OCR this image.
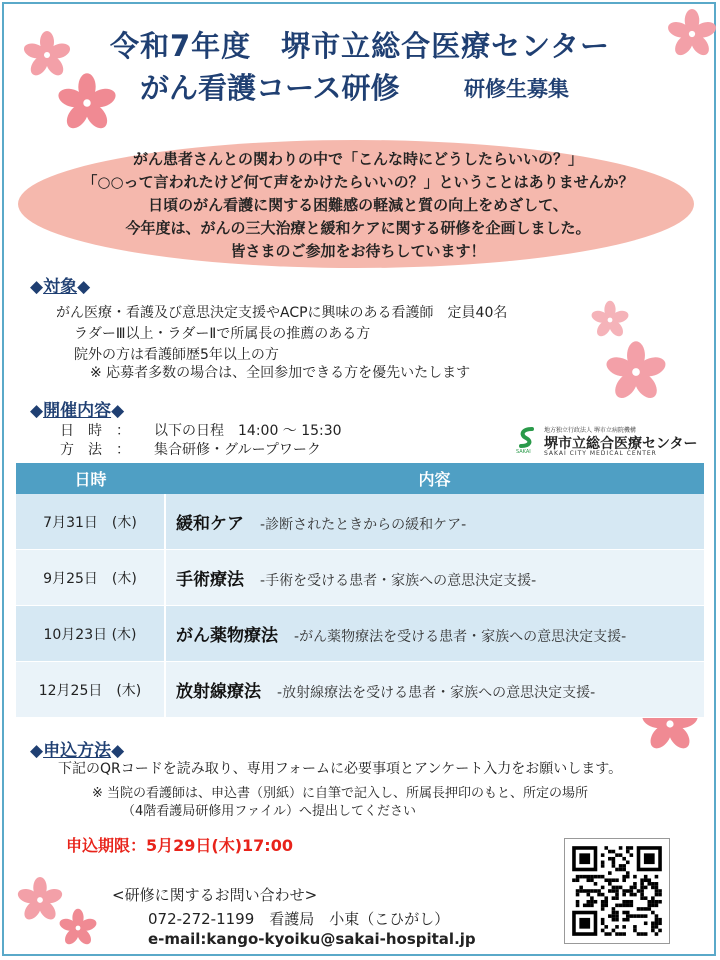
令和7年度　堺市立総合医療センター
がん看護コース研修	研修生募集
がん患者さんとの関わりの中で「こんな時にどうしたらいいの？」
「○○って言われたけど何て声をかけたらいいの？」ということはありませんか？
日頃のがん看護に関する困難感の軽減と質の向上をめざして、
今年度は、がんの三大治療と緩和ケアに関する研修を企画しました。
皆さまのご参加をお待ちしています！
◆対象◆
がん医療・看護及び意思決定支援やACPに興味のある看護師　定員40名
ラダーⅢ以上・ラダーⅡで所属長の推薦のある方
院外の方は看護師歴5年以上の方
※ 応募者多数の場合は、全回参加できる方を優先いたします
◆開催内容◆
日　時　： 以下の日程　14:00 ～ 15:30
方　法　： 集合研修・グループワーク	SAKAI
地方独立行政法人 堺市立病院機構
堺市立総合医療センター
SAKAI CITY MEDICAL CENTER
日時	内容
7月31日　(木)	緩和ケア　 -診断されたときからの緩和ケア-
9月25日　(木)	手術療法　 -手術を受ける患者・家族への意思決定支援-
10月23日 (木)	がん薬物療法　 -がん薬物療法を受ける患者・家族への意思決定支援-
12月25日　(木)	放射線療法　 -放射線療法を受ける患者・家族への意思決定支援-
◆申込方法◆
下記のQRコードを読み取り、専用フォームに必要事項とアンケート入力をお願いします。
※ 当院の看護師は、申込書（別紙）に自筆で記入し、所属長押印のもと、所定の場所
（4階看護局研修用ファイル）へ提出してください
申込期限：5月29日(木)17:00
<研修に関するお問い合わせ>
072-272-1199　看護局　小東（こひがし）
e-mail:kango-kyoiku@sakai-hospital.jp
